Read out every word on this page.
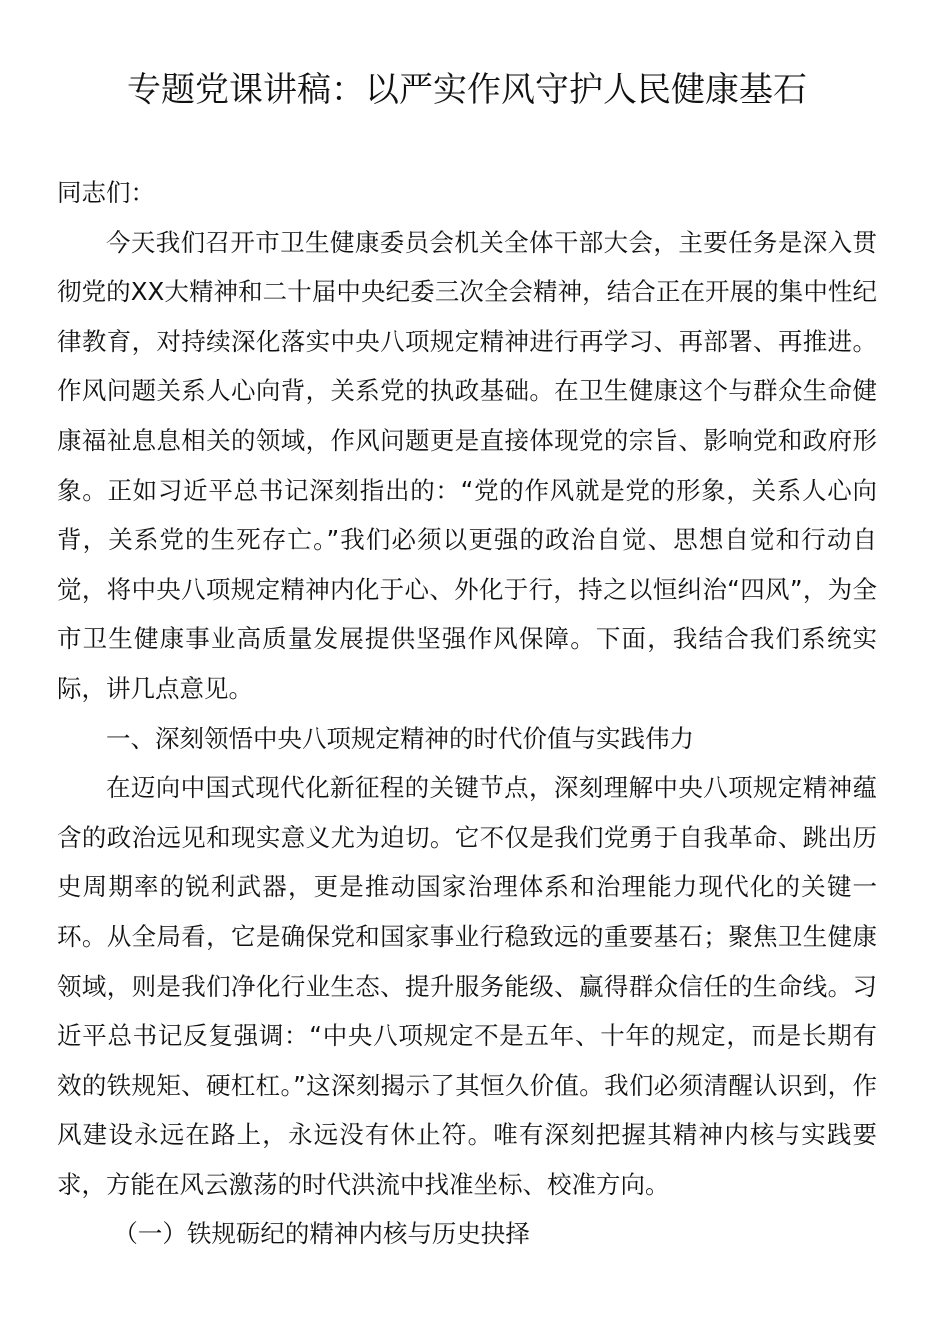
专题党课讲稿：以严实作风守护人民健康基石

同志们：

今天我们召开市卫生健康委员会机关全体干部大会，主要任务是深入贯彻党的XX大精神和二十届中央纪委三次全会精神，结合正在开展的集中性纪律教育，对持续深化落实中央八项规定精神进行再学习、再部署、再推进。作风问题关系人心向背，关系党的执政基础。在卫生健康这个与群众生命健康福祉息息相关的领域，作风问题更是直接体现党的宗旨、影响党和政府形象。正如习近平总书记深刻指出的：“党的作风就是党的形象，关系人心向背，关系党的生死存亡。”我们必须以更强的政治自觉、思想自觉和行动自觉，将中央八项规定精神内化于心、外化于行，持之以恒纠治“四风”，为全市卫生健康事业高质量发展提供坚强作风保障。下面，我结合我们系统实际，讲几点意见。

一、深刻领悟中央八项规定精神的时代价值与实践伟力

在迈向中国式现代化新征程的关键节点，深刻理解中央八项规定精神蕴含的政治远见和现实意义尤为迫切。它不仅是我们党勇于自我革命、跳出历史周期率的锐利武器，更是推动国家治理体系和治理能力现代化的关键一环。从全局看，它是确保党和国家事业行稳致远的重要基石；聚焦卫生健康领域，则是我们净化行业生态、提升服务能级、赢得群众信任的生命线。习近平总书记反复强调：“中央八项规定不是五年、十年的规定，而是长期有效的铁规矩、硬杠杠。”这深刻揭示了其恒久价值。我们必须清醒认识到，作风建设永远在路上，永远没有休止符。唯有深刻把握其精神内核与实践要求，方能在风云激荡的时代洪流中找准坐标、校准方向。

（一）铁规砺纪的精神内核与历史抉择
